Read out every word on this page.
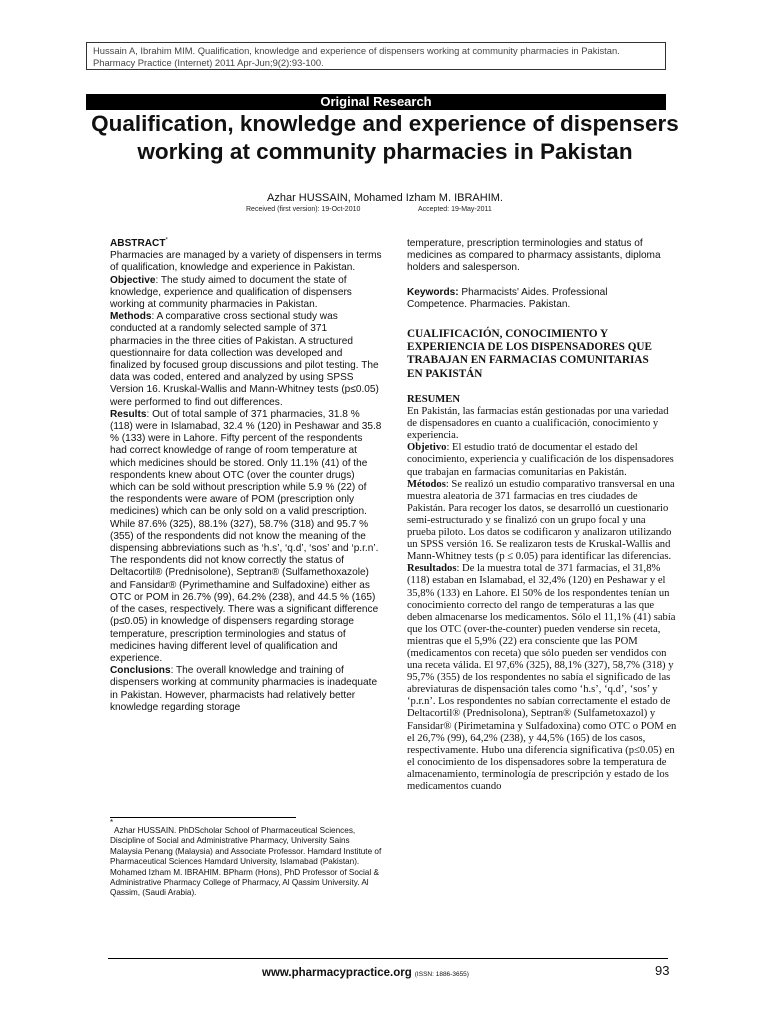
Hussain A, Ibrahim MIM. Qualification, knowledge and experience of dispensers working at community pharmacies in Pakistan. Pharmacy Practice (Internet) 2011 Apr-Jun;9(2):93-100.
Original Research
Qualification, knowledge and experience of dispensers working at community pharmacies in Pakistan
Azhar HUSSAIN, Mohamed Izham M. IBRAHIM.
Received (first version): 19-Oct-2010	Accepted: 19-May-2011

ABSTRACT*

Pharmacies are managed by a variety of dispensers in terms of qualification, knowledge and experience in Pakistan.

Objective: The study aimed to document the state of knowledge, experience and qualification of dispensers working at community pharmacies in Pakistan.

Methods: A comparative cross sectional study was conducted at a randomly selected sample of 371 pharmacies in the three cities of Pakistan. A structured questionnaire for data collection was developed and finalized by focused group discussions and pilot testing. The data was coded, entered and analyzed by using SPSS Version 16. Kruskal-Wallis and Mann-Whitney tests (p≤0.05) were performed to find out differences.

Results: Out of total sample of 371 pharmacies, 31.8 % (118) were in Islamabad, 32.4 % (120) in Peshawar and 35.8 % (133) were in Lahore. Fifty percent of the respondents had correct knowledge of range of room temperature at which medicines should be stored. Only 11.1% (41) of the respondents knew about OTC (over the counter drugs) which can be sold without prescription while 5.9 % (22) of the respondents were aware of POM (prescription only medicines) which can be only sold on a valid prescription. While 87.6% (325), 88.1% (327), 58.7% (318) and 95.7 % (355) of the respondents did not know the meaning of the dispensing abbreviations such as ‘h.s’, ‘q.d’, ‘sos’ and ‘p.r.n’. The respondents did not know correctly the status of Deltacortil® (Prednisolone), Septran® (Sulfamethoxazole) and Fansidar® (Pyrimethamine and Sulfadoxine) either as OTC or POM in 26.7% (99), 64.2% (238), and 44.5 % (165) of the cases, respectively. There was a significant difference (p≤0.05) in knowledge of dispensers regarding storage temperature, prescription terminologies and status of medicines having different level of qualification and experience.

Conclusions: The overall knowledge and training of dispensers working at community pharmacies is inadequate in Pakistan. However, pharmacists had relatively better knowledge regarding storage

*

Azhar HUSSAIN. PhDScholar School of Pharmaceutical Sciences, Discipline of Social and Administrative Pharmacy, University Sains Malaysia Penang (Malaysia) and Associate Professor. Hamdard Institute of Pharmaceutical Sciences Hamdard University, Islamabad (Pakistan).

Mohamed Izham M. IBRAHIM. BPharm (Hons), PhD Professor of Social & Administrative Pharmacy College of Pharmacy, Al Qassim University. Al Qassim, (Saudi Arabia).

temperature, prescription terminologies and status of medicines as compared to pharmacy assistants, diploma holders and salesperson.

Keywords: Pharmacists' Aides. Professional Competence. Pharmacies. Pakistan.

CUALIFICACIÓN, CONOCIMIENTO Y EXPERIENCIA DE LOS DISPENSADORES QUE TRABAJAN EN FARMACIAS COMUNITARIAS EN PAKISTÁN

RESUMEN

En Pakistán, las farmacias están gestionadas por una variedad de dispensadores en cuanto a cualificación, conocimiento y experiencia.

Objetivo: El estudio trató de documentar el estado del conocimiento, experiencia y cualificación de los dispensadores que trabajan en farmacias comunitarias en Pakistán.

Métodos: Se realizó un estudio comparativo transversal en una muestra aleatoria de 371 farmacias en tres ciudades de Pakistán. Para recoger los datos, se desarrolló un cuestionario semi-estructurado y se finalizó con un grupo focal y una prueba piloto. Los datos se codificaron y analizaron utilizando un SPSS versión 16. Se realizaron tests de Kruskal-Wallis and Mann-Whitney tests (p ≤ 0.05) para identificar las diferencias.

Resultados: De la muestra total de 371 farmacias, el 31,8% (118) estaban en Islamabad, el 32,4% (120) en Peshawar y el 35,8% (133) en Lahore. El 50% de los respondentes tenían un conocimiento correcto del rango de temperaturas a las que deben almacenarse los medicamentos. Sólo el 11,1% (41) sabía que los OTC (over-the-counter) pueden venderse sin receta, mientras que el 5,9% (22) era consciente que las POM (medicamentos con receta) que sólo pueden ser vendidos con una receta válida. El 97,6% (325), 88,1% (327), 58,7% (318) y 95,7% (355) de los respondentes no sabía el significado de las abreviaturas de dispensación tales como ‘h.s’, ‘q.d’, ‘sos’ y ‘p.r.n’. Los respondentes no sabían correctamente el estado de Deltacortil® (Prednisolona), Septran® (Sulfametoxazol) y Fansidar® (Pirimetamina y Sulfadoxina) como OTC o POM en el 26,7% (99), 64,2% (238), y 44,5% (165) de los casos, respectivamente. Hubo una diferencia significativa (p≤0.05) en el conocimiento de los dispensadores sobre la temperatura de almacenamiento, terminología de prescripción y estado de los medicamentos cuando

www.pharmacypractice.org (ISSN: 1886-3655)	93
